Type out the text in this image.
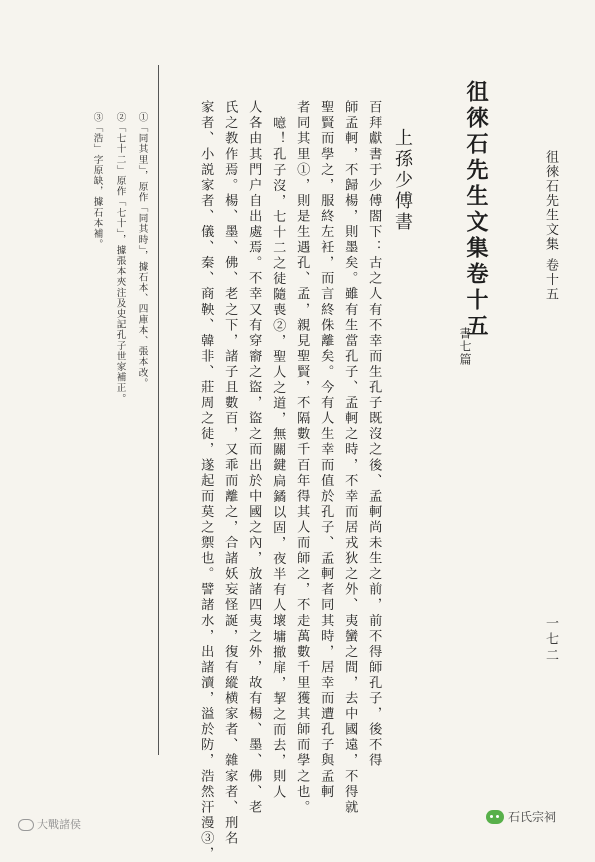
徂徠石先生文集
卷十五
徂徠石先生文集卷十五
書七篇
上孫少傅書
百拜獻書于少傅閤下：古之人有不幸而生孔子既沒之後、孟軻尚未生之前，前不得師孔子，後不得
師孟軻，不歸楊，則墨矣。雖有生當孔子、孟軻之時，不幸而居戎狄之外、夷蠻之間，去中國遠，不得就
聖賢而學之，服終左衽，而言終侏離矣。今有人生幸而值於孔子、孟軻者同其時，居幸而遭孔子與孟軻
者同其里①，則是生遇孔、孟，親見聖賢，不隔數千百年得其人而師之，不走萬數千里獲其師而學之也。
噫！孔子沒，七十二之徒隨喪②，聖人之道，無關鍵扃鐍以固，夜半有人壞墉撤扉，挈之而去，則人
人各由其門户自出處焉。不幸又有穿窬之盜，盜之而出於中國之內，放諸四夷之外，故有楊、墨、佛、老
氏之教作焉。楊、墨、佛、老之下，諸子且數百，又乖而離之，合諸妖妄怪誕，復有縱横家者、雜家者、刑名
家者、小説家者、儀、秦、商鞅、韓非、莊周之徒，遂起而莫之禦也。譬諸水，出諸瀆，溢於防，浩然汗漫③，
①「同其里」，原作「同其時」，據石本、四庫本、張本改。
②「七十二」原作「七十」，據張本夾注及史記孔子世家補正。
③「浩」字原缺，據石本補。
一七二
大戰諸侯
石氏宗祠
